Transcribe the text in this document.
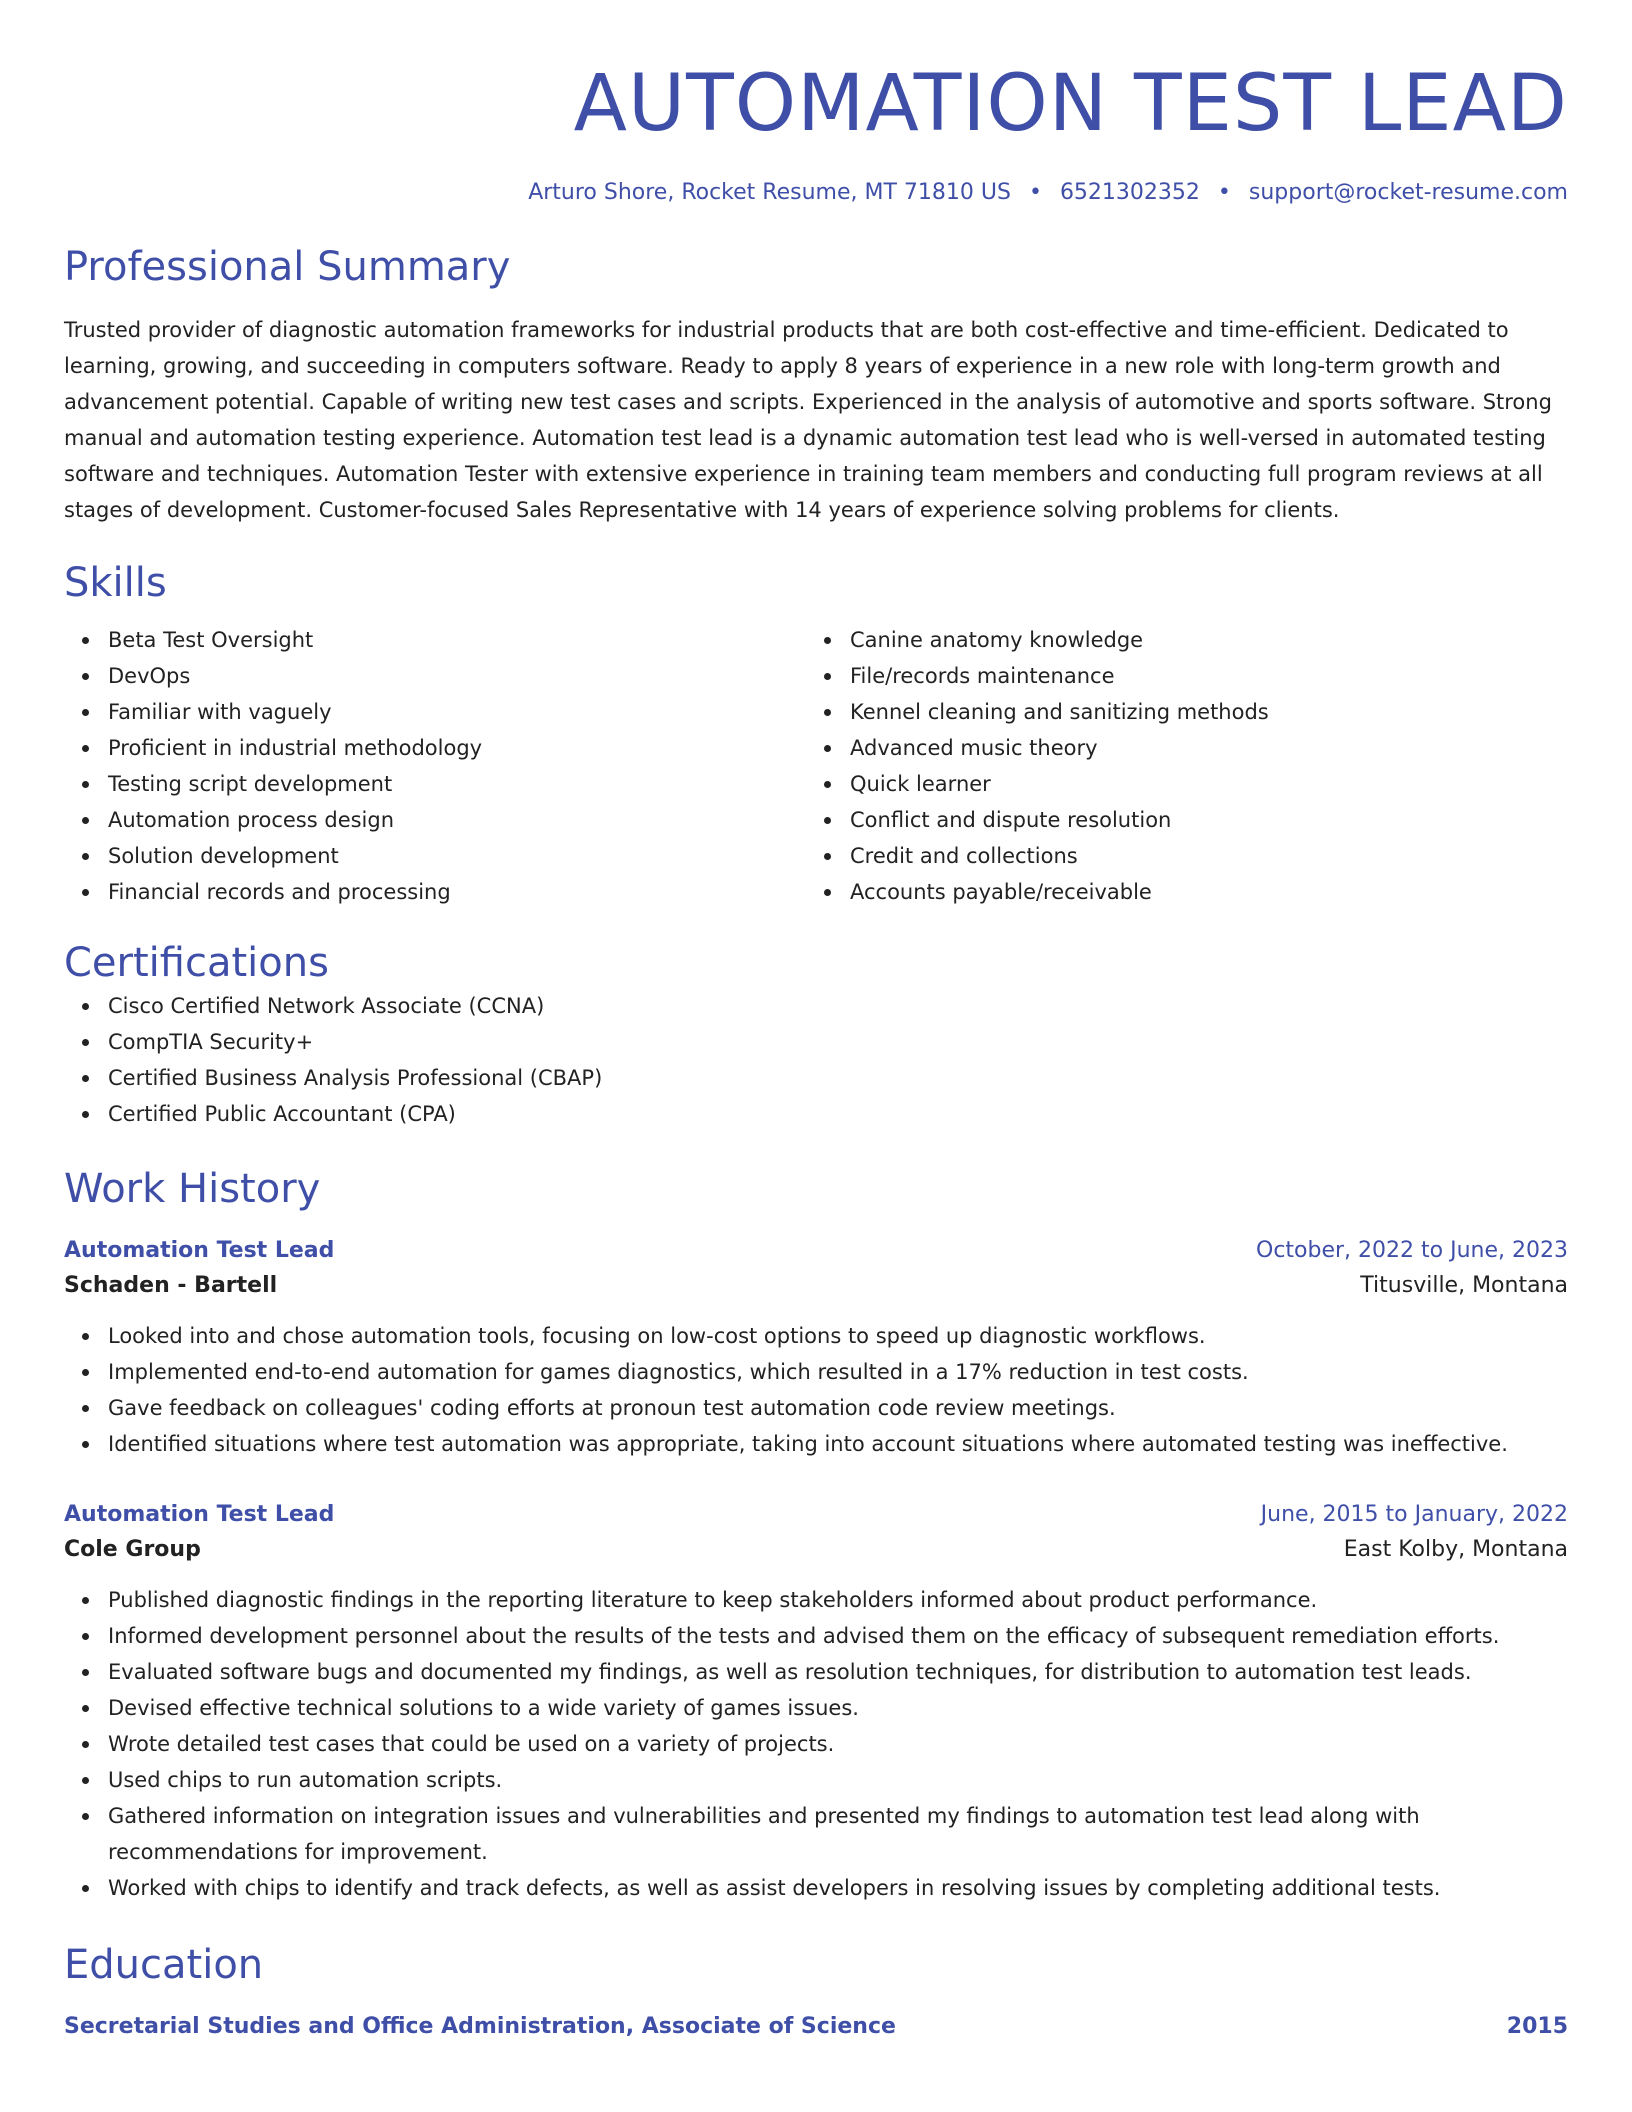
AUTOMATION TEST LEAD
Arturo Shore, Rocket Resume, MT 71810 US • 6521302352 • support@rocket-resume.com
Professional Summary
Trusted provider of diagnostic automation frameworks for industrial products that are both cost-effective and time-efficient. Dedicated to learning, growing, and succeeding in computers software. Ready to apply 8 years of experience in a new role with long-term growth and advancement potential. Capable of writing new test cases and scripts. Experienced in the analysis of automotive and sports software. Strong manual and automation testing experience. Automation test lead is a dynamic automation test lead who is well-versed in automated testing software and techniques. Automation Tester with extensive experience in training team members and conducting full program reviews at all stages of development. Customer-focused Sales Representative with 14 years of experience solving problems for clients.
Skills
Beta Test Oversight
DevOps
Familiar with vaguely
Proficient in industrial methodology
Testing script development
Automation process design
Solution development
Financial records and processing
Canine anatomy knowledge
File/records maintenance
Kennel cleaning and sanitizing methods
Advanced music theory
Quick learner
Conflict and dispute resolution
Credit and collections
Accounts payable/receivable
Certifications
Cisco Certified Network Associate (CCNA)
CompTIA Security+
Certified Business Analysis Professional (CBAP)
Certified Public Accountant (CPA)
Work History
Automation Test Lead	October, 2022 to June, 2023
Schaden - Bartell	Titusville, Montana
Looked into and chose automation tools, focusing on low-cost options to speed up diagnostic workflows.
Implemented end-to-end automation for games diagnostics, which resulted in a 17% reduction in test costs.
Gave feedback on colleagues' coding efforts at pronoun test automation code review meetings.
Identified situations where test automation was appropriate, taking into account situations where automated testing was ineffective.
Automation Test Lead	June, 2015 to January, 2022
Cole Group	East Kolby, Montana
Published diagnostic findings in the reporting literature to keep stakeholders informed about product performance.
Informed development personnel about the results of the tests and advised them on the efficacy of subsequent remediation efforts.
Evaluated software bugs and documented my findings, as well as resolution techniques, for distribution to automation test leads.
Devised effective technical solutions to a wide variety of games issues.
Wrote detailed test cases that could be used on a variety of projects.
Used chips to run automation scripts.
Gathered information on integration issues and vulnerabilities and presented my findings to automation test lead along with recommendations for improvement.
Worked with chips to identify and track defects, as well as assist developers in resolving issues by completing additional tests.
Education
Secretarial Studies and Office Administration, Associate of Science	2015
